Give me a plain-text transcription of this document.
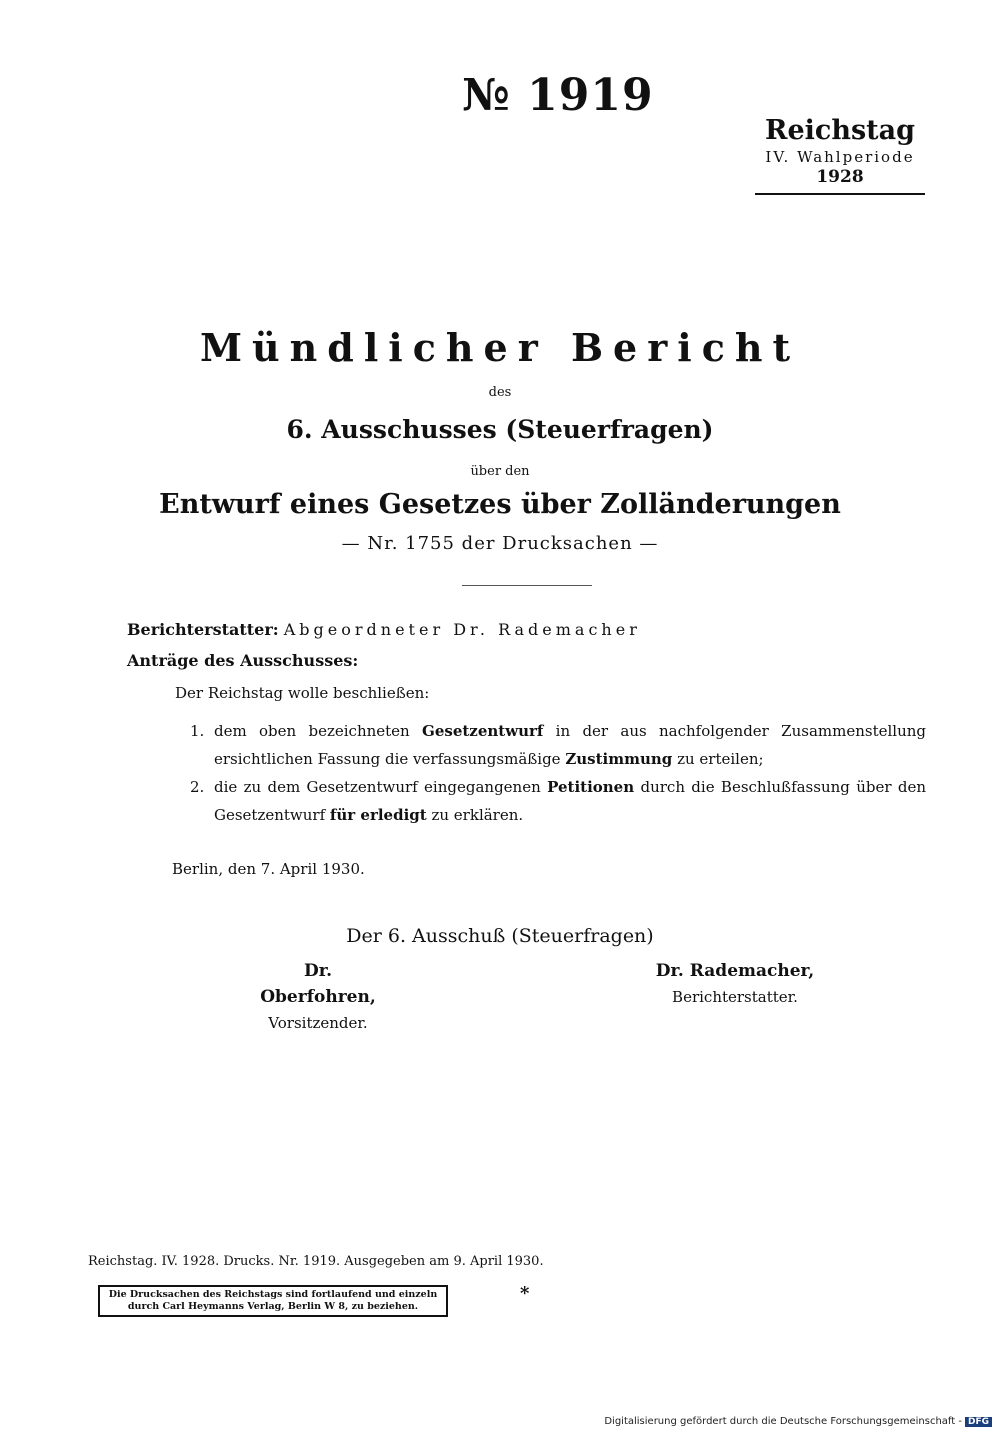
№ 1919
Reichstag
IV. Wahlperiode
1928
Mündlicher Bericht
des
6. Ausschusses (Steuerfragen)
über den
Entwurf eines Gesetzes über Zolländerungen
— Nr. 1755 der Drucksachen —
Berichterstatter: Abgeordneter Dr. Rademacher
Anträge des Ausschusses:
Der Reichstag wolle beschließen:
1. dem oben bezeichneten Gesetzentwurf in der aus nachfolgender Zusammenstellung ersichtlichen Fassung die verfassungsmäßige Zustimmung zu erteilen;
2. die zu dem Gesetzentwurf eingegangenen Petitionen durch die Beschlußfassung über den Gesetzentwurf für erledigt zu erklären.
Berlin, den 7. April 1930.
Der 6. Ausschuß (Steuerfragen)
Dr. Oberfohren,
Vorsitzender.
Dr. Rademacher,
Berichterstatter.
Reichstag. IV. 1928. Drucks. Nr. 1919. Ausgegeben am 9. April 1930.
Die Drucksachen des Reichstags sind fortlaufend und einzeln
durch Carl Heymanns Verlag, Berlin W 8, zu beziehen.
*
Digitalisierung gefördert durch die Deutsche Forschungsgemeinschaft - DFG
